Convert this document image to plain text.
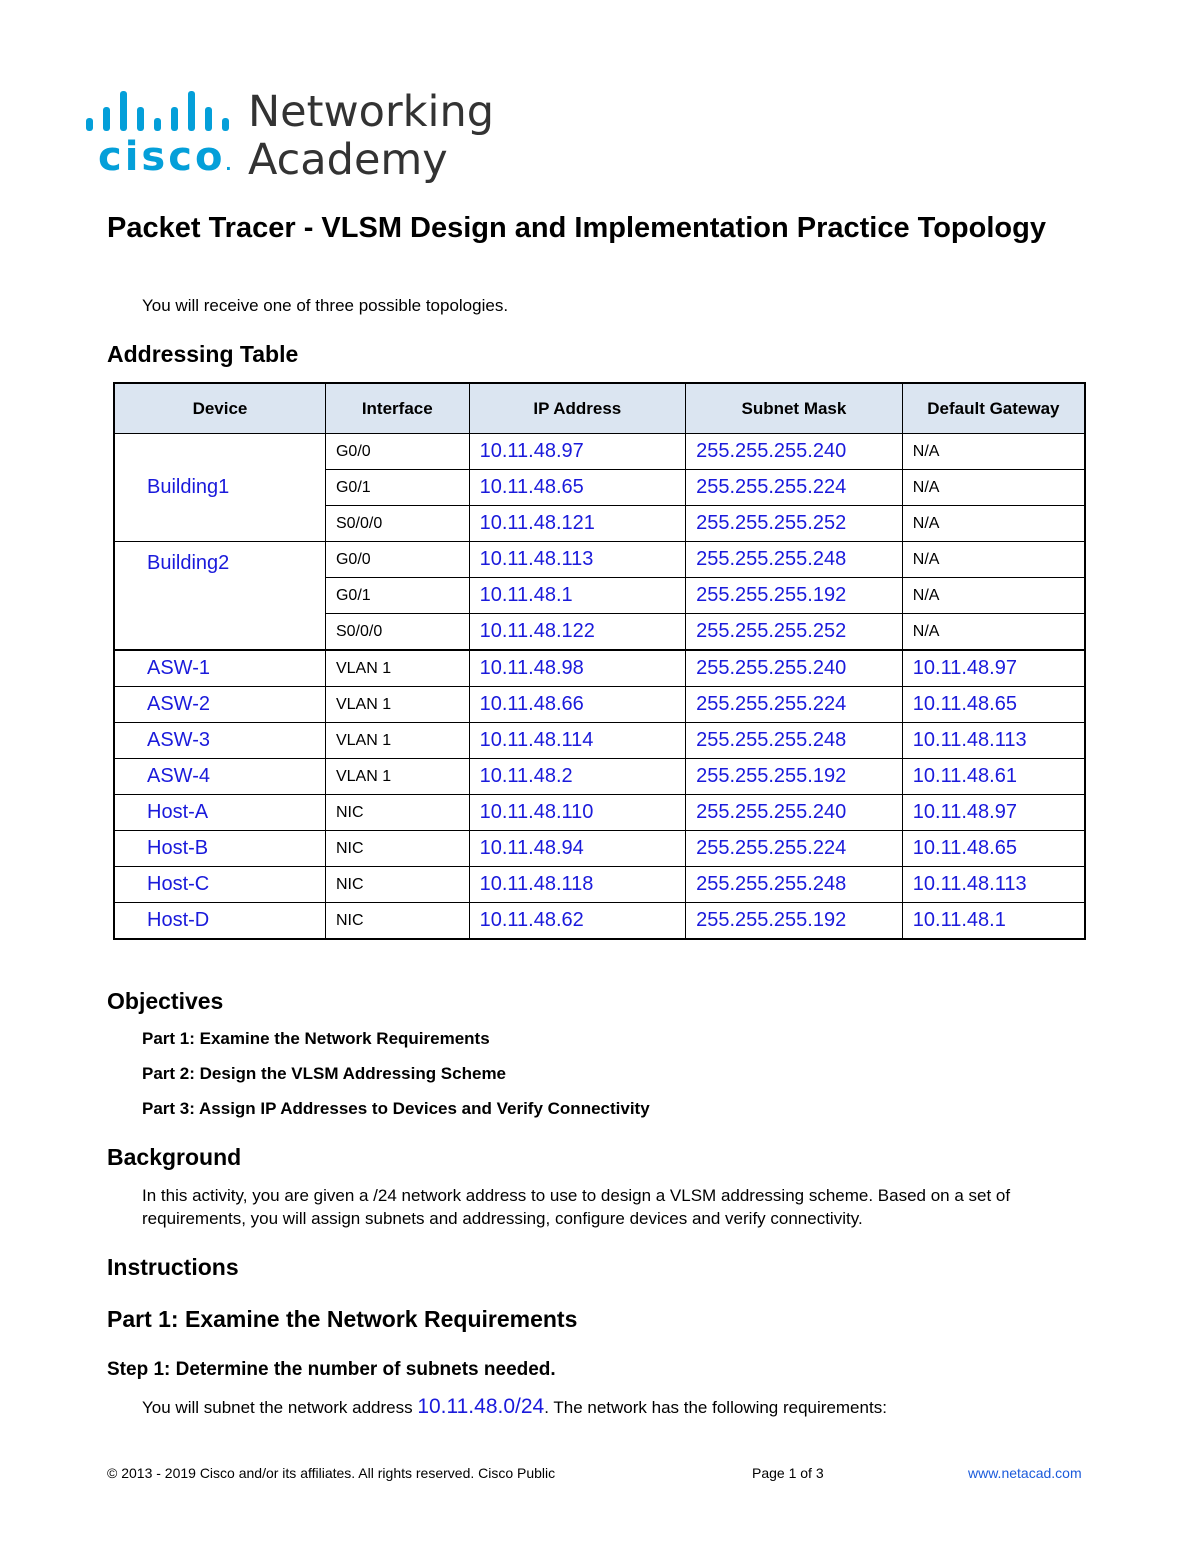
cisco.
Networking
Academy
Packet Tracer - VLSM Design and Implementation Practice Topology
You will receive one of three possible topologies.
Addressing Table
Device	Interface	IP Address	Subnet Mask	Default Gateway
Building1	G0/0	10.11.48.97	255.255.255.240	N/A
	G0/1	10.11.48.65	255.255.255.224	N/A
	S0/0/0	10.11.48.121	255.255.255.252	N/A
Building2	G0/0	10.11.48.113	255.255.255.248	N/A
	G0/1	10.11.48.1	255.255.255.192	N/A
	S0/0/0	10.11.48.122	255.255.255.252	N/A
ASW-1	VLAN 1	10.11.48.98	255.255.255.240	10.11.48.97
ASW-2	VLAN 1	10.11.48.66	255.255.255.224	10.11.48.65
ASW-3	VLAN 1	10.11.48.114	255.255.255.248	10.11.48.113
ASW-4	VLAN 1	10.11.48.2	255.255.255.192	10.11.48.61
Host-A	NIC	10.11.48.110	255.255.255.240	10.11.48.97
Host-B	NIC	10.11.48.94	255.255.255.224	10.11.48.65
Host-C	NIC	10.11.48.118	255.255.255.248	10.11.48.113
Host-D	NIC	10.11.48.62	255.255.255.192	10.11.48.1
Objectives
Part 1: Examine the Network Requirements
Part 2: Design the VLSM Addressing Scheme
Part 3: Assign IP Addresses to Devices and Verify Connectivity
Background
In this activity, you are given a /24 network address to use to design a VLSM addressing scheme. Based on a set of requirements, you will assign subnets and addressing, configure devices and verify connectivity.
Instructions
Part 1: Examine the Network Requirements
Step 1: Determine the number of subnets needed.
You will subnet the network address 10.11.48.0/24. The network has the following requirements:
© 2013 - 2019 Cisco and/or its affiliates. All rights reserved. Cisco Public	Page 1 of 3	www.netacad.com
